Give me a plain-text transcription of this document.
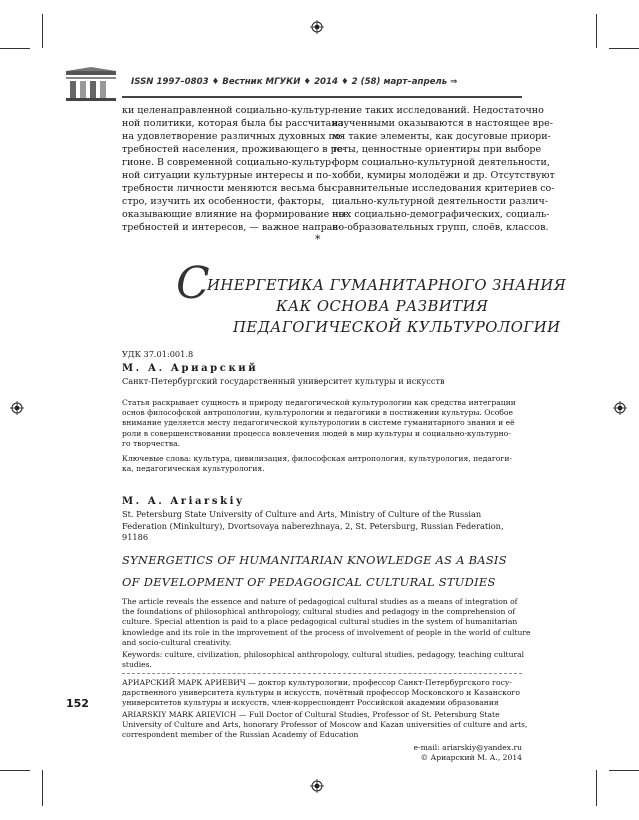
ISSN 1997–0803 ♦ Вестник МГУКИ ♦ 2014 ♦ 2 (58) март–апрель ⇒
ки целенаправленной социально-культур-
ной политики, которая была бы рассчитана
на удовлетворение различных духовных по-
требностей населения, проживающего в ре-
гионе. В современной социально-культур-
ной ситуации культурные интересы и по-
требности личности меняются весьма бы-
стро, изучить их особенности, факторы,
оказывающие влияние на формирование по-
требностей и интересов, — важное направ-
ление таких исследований. Недостаточно
изученными оказываются в настоящее вре-
мя такие элементы, как досуговые приори-
теты, ценностные ориентиры при выборе
форм социально-культурной деятельности,
хобби, кумиры молодёжи и др. Отсутствуют
сравнительные исследования критериев со-
циально-культурной деятельности различ-
ных социально-демографических, социаль-
но-образовательных групп, слоёв, классов.
*
С
ИНЕРГЕТИКА ГУМАНИТАРНОГО ЗНАНИЯ
КАК ОСНОВА РАЗВИТИЯ
ПЕДАГОГИЧЕСКОЙ КУЛЬТУРОЛОГИИ
УДК 37.01:001.8
М. А. Ариарский
Санкт-Петербургский государственный университет культуры и искусств
Статья раскрывает сущность и природу педагогической культурологии как средства интеграции
основ философской антропологии, культурологии и педагогики в постижении культуры. Особое
внимание уделяется месту педагогической культурологии в системе гуманитарного знания и её
роли в совершенствовании процесса вовлечения людей в мир культуры и социально-культурно-
го творчества.
Ключевые слова: культура, цивилизация, философская антропология, культурология, педагоги-
ка, педагогическая культурология.
M. A. Ariarskiy
St. Petersburg State University of Culture and Arts, Ministry of Culture of the Russian
Federation (Minkultury), Dvortsovaya naberezhnaya, 2, St. Petersburg, Russian Federation,
91186
SYNERGETICS OF HUMANITARIAN KNOWLEDGE AS A BASIS
OF DEVELOPMENT OF PEDAGOGICAL CULTURAL STUDIES
The article reveals the essence and nature of pedagogical cultural studies as a means of integration of
the foundations of philosophical anthropology, cultural studies and pedagogy in the comprehension of
culture. Special attention is paid to a place pedagogical cultural studies in the system of humanitarian
knowledge and its role in the improvement of the process of involvement of people in the world of culture
and socio-cultural creativity.
Keywords: culture, civilization, philosophical anthropology, cultural studies, pedagogy, teaching cultural
studies.
152
АРИАРСКИЙ МАРК АРИЕВИЧ — доктор культурологии, профессор Санкт-Петербургского госу-
дарственного университета культуры и искусств, почётный профессор Московского и Казанского
университетов культуры и искусств, член-корреспондент Российской академии образования
ARIARSKIY MARK ARIEVICH — Full Doctor of Cultural Studies, Professor of St. Petersburg State
University of Culture and Arts, honorary Professor of Moscow and Kazan universities of culture and arts,
correspondent member of the Russian Academy of Education
e-mail: ariarskiy@yandex.ru
© Ариарский М. А., 2014
